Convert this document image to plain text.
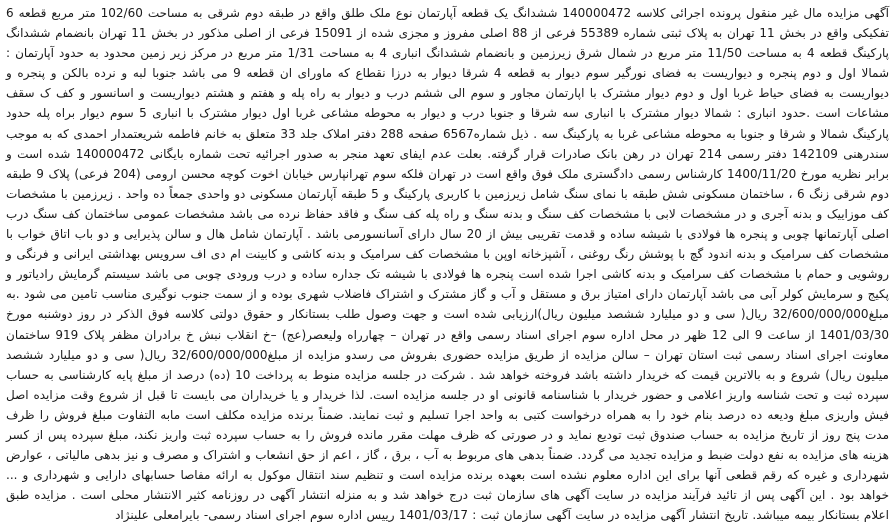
آگهی مزایده مال غیر منقول پرونده اجرائی کلاسه 140000472 ششدانگ یک قطعه آپارتمان نوع ملک طلق واقع در طبقه دوم شرقی به مساحت 102/60 متر مربع قطعه 6 تفکیکی واقع در بخش 11 تهران به پلاک ثبتی شماره 55389 فرعی از 88 اصلی مفروز و مجزی شده از 15091 فرعی از اصلی مذکور در بخش 11 تهران بانضمام ششدانگ پارکینگ قطعه 4 به مساحت 11/50 متر مربع در شمال شرق زیرزمین و بانضمام ششدانگ انباری 4 به مساحت 1/31 متر مربع در مرکز زیر زمین محدود به حدود آپارتمان : شمالا اول و دوم پنجره و دیواریست به فضای نورگیر سوم دیوار به قطعه 4 شرقا دیوار به درزا نقطاع که ماورای ان قطعه 9 می باشد جنوبا لبه و نرده بالکن و پنجره و دیواریست به فضای حیاط غربا اول و دوم دیوار مشترک با اپارتمان مجاور و سوم الی ششم درب و دیوار به راه پله و هفتم و هشتم دیواریست و اسانسور و کف ک سقف مشاعات است .حدود انباری : شمالا دیوار مشترک با انباری سه شرقا و جنوبا درب و دیوار به محوطه مشاعی غربا اول دیوار مشترک با انباری 5 سوم دیوار براه پله حدود پارکینگ شمالا و شرقا و جنوبا به محوطه مشاعی غربا به پارکینگ سه . ذیل شماره6567 صفحه 288 دفتر املاک جلد 33 متعلق به خانم فاطمه شریعتمدار احمدی که به موجب سندرهنی 142109 دفتر رسمی 214 تهران در رهن بانک صادرات قرار گرفته. بعلت عدم ایفای تعهد منجر به صدور اجرائیه تحت شماره بایگانی 140000472 شده است و برابر نظریه مورخ 1400/11/20 کارشناس رسمی دادگستری ملک فوق واقع است در تهران فلکه سوم تهرانپارس خیابان اخوت کوچه محسن ارومی (204 فرعی) پلاک 9 طبقه دوم شرقی زنگ 6 ، ساختمان مسکونی شش طبقه با نمای سنگ شامل زیرزمین با کاربری پارکینگ و 5 طبقه آپارتمان مسکونی دو واحدی جمعاً ده واحد . زیرزمین با مشخصات کف موزاییک و بدنه آجری و در مشخصات لابی با مشخصات کف سنگ و بدنه سنگ و راه پله کف سنگ و فاقد حفاظ نرده می باشد مشخصات عمومی ساختمان کف سنگ درب اصلی آپارتمانها چوبی و پنجره ها فولادی با شیشه ساده و قدمت تقریبی بیش از 20 سال دارای آسانسورمی باشد . آپارتمان شامل هال و سالن پذیرایی و دو باب اتاق خواب با مشخصات کف سرامیک و بدنه اندود گچ با پوشش رنگ روغنی ، آشپزخانه اوپن با مشخصات کف سرامیک و بدنه کاشی و کابینت ام دی اف سرویس بهداشتی ایرانی و فرنگی و روشویی و حمام با مشخصات کف سرامیک و بدنه کاشی اجرا شده است پنجره ها فولادی با شیشه تک جداره ساده و درب ورودی چوبی می باشد سیستم گرمایش رادیاتور و پکیج و سرمایش کولر آبی می باشد آپارتمان دارای امتیاز برق و مستقل و آب و گاز مشترک و اشتراک فاضلاب شهری بوده و از سمت جنوب نوگیری مناسب تامین می شود .به مبلغ32/600/000/000 ریال( سی و دو میلیارد ششصد میلیون ریال)ارزیابی شده است و جهت وصول طلب بستانکار و حقوق دولتی کلاسه فوق الذکر در روز دوشنبه مورخ 1401/03/30 از ساعت 9 الی 12 ظهر در محل اداره سوم اجرای اسناد رسمی واقع در تهران – چهارراه ولیعصر(عج) –خ انقلاب نبش خ برادران مظفر پلاک 919 ساختمان معاونت اجرای اسناد رسمی ثبت استان تهران – سالن مزایده از طریق مزایده حضوری بفروش می رسدو مزایده از مبلغ32/600/000/000 ریال( سی و دو میلیارد ششصد میلیون ریال) شروع و به بالاترین قیمت که خریدار داشته باشد فروخته خواهد شد . شرکت در جلسه مزایده منوط به پرداخت 10 (ده) درصد از مبلغ پایه کارشناسی به حساب سپرده ثبت و تحت شناسه واریز اعلامی و حضور خریدار با شناسنامه قانونی او در جلسه مزایده است. لذا خریدار و یا خریداران می بایست تا قبل از شروع وقت مزایده اصل فیش واریزی مبلغ ودیعه ده درصد بنام خود را به همراه درخواست کتبی به واحد اجرا تسلیم و ثبت نمایند. ضمناً برنده مزایده مکلف است مابه التفاوت مبلغ فروش را ظرف مدت پنج روز از تاریخ مزایده به حساب صندوق ثبت تودیع نماید و در صورتی که ظرف مهلت مقرر مانده فروش را به حساب سپرده ثبت واریز نکند، مبلغ سپرده پس از کسر هزینه های مزایده به نفع دولت ضبط و مزایده تجدید می گردد. ضمناً بدهی های مربوط به آب ، برق ، گاز ، اعم از حق انشعاب و اشتراک و مصرف و نیز بدهی مالیاتی ، عوارض شهرداری و غیره که رقم قطعی آنها برای این اداره معلوم نشده است بعهده برنده مزایده است و تنظیم سند انتقال موکول به ارائه مفاصا حسابهای دارایی و شهرداری و ... خواهد بود . این آگهی پس از تائید فرآیند مزایده در سایت آگهی های سازمان ثبت درج خواهد شد و به منزله انتشار آگهی در روزنامه کثیر الانتشار محلی است . مزایده طبق اعلام بستانکار بیمه میباشد. تاریخ انتشار آگهی مزایده در سایت آگهی سازمان ثبت : 1401/03/17 رییس اداره سوم اجرای اسناد رسمی- بایرامعلی علینژاد
